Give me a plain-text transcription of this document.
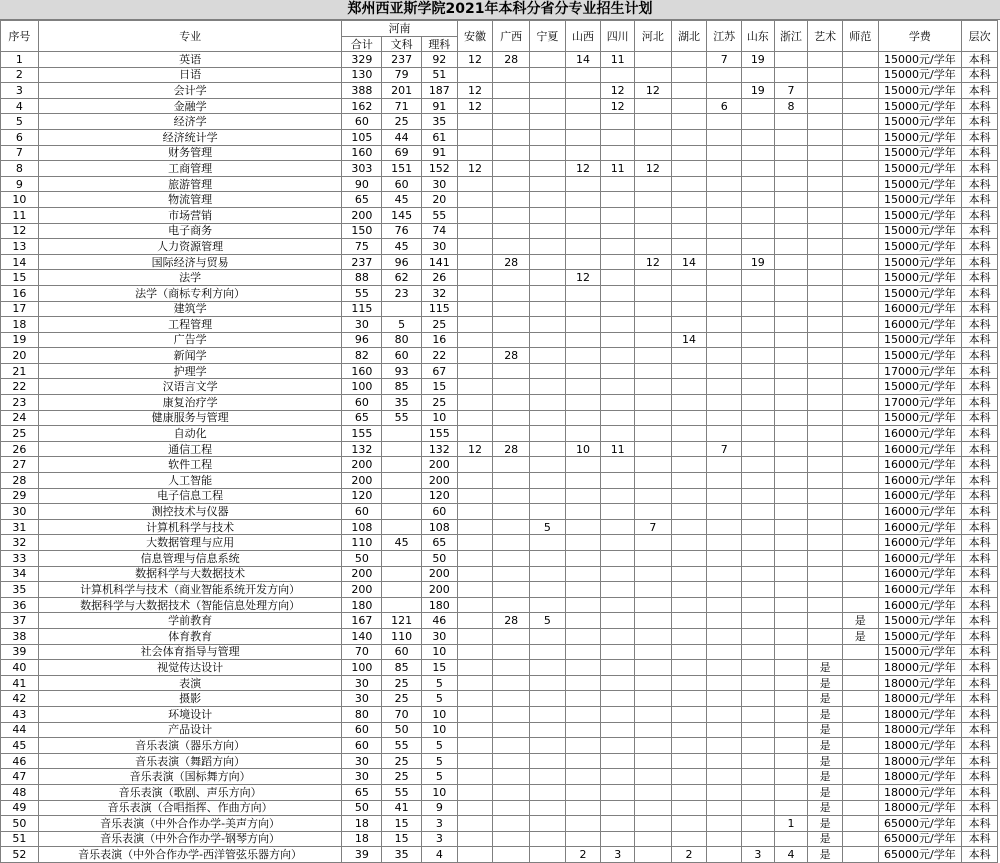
郑州西亚斯学院2021年本科分省分专业招生计划
序号	专业	河南			安徽	广西	宁夏	山西	四川	河北	湖北	江苏	山东	浙江	艺术	师范	学费	层次
		合计	文科	理科														
1	英语	329	237	92	12	28		14	11			7	19				15000元/学年	本科
2	日语	130	79	51													15000元/学年	本科
3	会计学	388	201	187	12				12	12			19	7			15000元/学年	本科
4	金融学	162	71	91	12				12			6		8			15000元/学年	本科
5	经济学	60	25	35													15000元/学年	本科
6	经济统计学	105	44	61													15000元/学年	本科
7	财务管理	160	69	91													15000元/学年	本科
8	工商管理	303	151	152	12			12	11	12							15000元/学年	本科
9	旅游管理	90	60	30													15000元/学年	本科
10	物流管理	65	45	20													15000元/学年	本科
11	市场营销	200	145	55													15000元/学年	本科
12	电子商务	150	76	74													15000元/学年	本科
13	人力资源管理	75	45	30													15000元/学年	本科
14	国际经济与贸易	237	96	141		28				12	14		19				15000元/学年	本科
15	法学	88	62	26				12									15000元/学年	本科
16	法学（商标专利方向）	55	23	32													15000元/学年	本科
17	建筑学	115		115													16000元/学年	本科
18	工程管理	30	5	25													16000元/学年	本科
19	广告学	96	80	16							14						15000元/学年	本科
20	新闻学	82	60	22		28											15000元/学年	本科
21	护理学	160	93	67													17000元/学年	本科
22	汉语言文学	100	85	15													15000元/学年	本科
23	康复治疗学	60	35	25													17000元/学年	本科
24	健康服务与管理	65	55	10													15000元/学年	本科
25	自动化	155		155													16000元/学年	本科
26	通信工程	132		132	12	28		10	11			7					16000元/学年	本科
27	软件工程	200		200													16000元/学年	本科
28	人工智能	200		200													16000元/学年	本科
29	电子信息工程	120		120													16000元/学年	本科
30	测控技术与仪器	60		60													16000元/学年	本科
31	计算机科学与技术	108		108			5			7							16000元/学年	本科
32	大数据管理与应用	110	45	65													16000元/学年	本科
33	信息管理与信息系统	50		50													16000元/学年	本科
34	数据科学与大数据技术	200		200													16000元/学年	本科
35	计算机科学与技术（商业智能系统开发方向）	200		200													16000元/学年	本科
36	数据科学与大数据技术（智能信息处理方向）	180		180													16000元/学年	本科
37	学前教育	167	121	46		28	5									是	15000元/学年	本科
38	体育教育	140	110	30												是	15000元/学年	本科
39	社会体育指导与管理	70	60	10													15000元/学年	本科
40	视觉传达设计	100	85	15											是		18000元/学年	本科
41	表演	30	25	5											是		18000元/学年	本科
42	摄影	30	25	5											是		18000元/学年	本科
43	环境设计	80	70	10											是		18000元/学年	本科
44	产品设计	60	50	10											是		18000元/学年	本科
45	音乐表演（器乐方向）	60	55	5											是		18000元/学年	本科
46	音乐表演（舞蹈方向）	30	25	5											是		18000元/学年	本科
47	音乐表演（国标舞方向）	30	25	5											是		18000元/学年	本科
48	音乐表演（歌剧、声乐方向）	65	55	10											是		18000元/学年	本科
49	音乐表演（合唱指挥、作曲方向）	50	41	9											是		18000元/学年	本科
50	音乐表演（中外合作办学-美声方向）	18	15	3										1	是		65000元/学年	本科
51	音乐表演（中外合作办学-钢琴方向）	18	15	3											是		65000元/学年	本科
52	音乐表演（中外合作办学-西洋管弦乐器方向）	39	35	4				2	3		2		3	4	是		65000元/学年	本科
